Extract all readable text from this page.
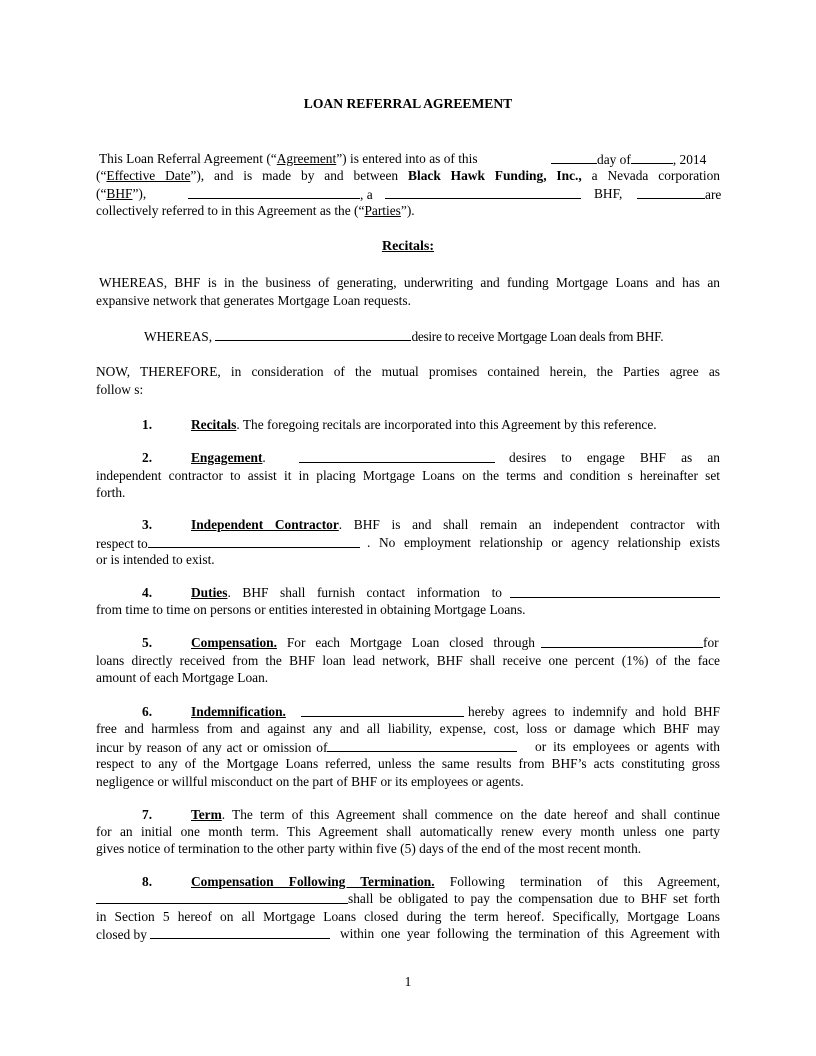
LOAN REFERRAL AGREEMENT
This Loan Referral Agreement (“Agreement”) is entered into as of this	day of	, 2014
(“Effective Date”), and is made by and between Black Hawk Funding, Inc., a Nevada corporation
(“BHF”),	, a	BHF,	are
collectively referred to in this Agreement as the (“Parties”).
Recitals:
WHEREAS, BHF is in the business of generating, underwriting and funding Mortgage Loans and has an
expansive network that generates Mortgage Loan requests.
WHEREAS,	desire to receive Mortgage Loan deals from BHF.
NOW, THEREFORE, in consideration of the mutual promises contained herein, the Parties agree as
follow s:
1.	Recitals. The foregoing recitals are incorporated into this Agreement by this reference.
2.	Engagement.	desires to engage BHF as an
independent contractor to assist it in placing Mortgage Loans on the terms and condition s hereinafter set
forth.
3.	Independent Contractor. BHF is and shall remain an independent contractor with
respect to	. No employment relationship or agency relationship exists
or is intended to exist.
4.	Duties. BHF shall furnish contact information to
from time to time on persons or entities interested in obtaining Mortgage Loans.
5.	Compensation. For each Mortgage Loan closed through	for
loans directly received from the BHF loan lead network, BHF shall receive one percent (1%) of the face
amount of each Mortgage Loan.
6.	Indemnification.	hereby agrees to indemnify and hold BHF
free and harmless from and against any and all liability, expense, cost, loss or damage which BHF may
incur by reason of any act or omission of	or its employees or agents with
respect to any of the Mortgage Loans referred, unless the same results from BHF’s acts constituting gross
negligence or willful misconduct on the part of BHF or its employees or agents.
7.	Term. The term of this Agreement shall commence on the date hereof and shall continue
for an initial one month term. This Agreement shall automatically renew every month unless one party
gives notice of termination to the other party within five (5) days of the end of the most recent month.
8.	Compensation Following Termination. Following termination of this Agreement,
shall be obligated to pay the compensation due to BHF set forth
in Section 5 hereof on all Mortgage Loans closed during the term hereof. Specifically, Mortgage Loans
closed by	within one year following the termination of this Agreement with
1
